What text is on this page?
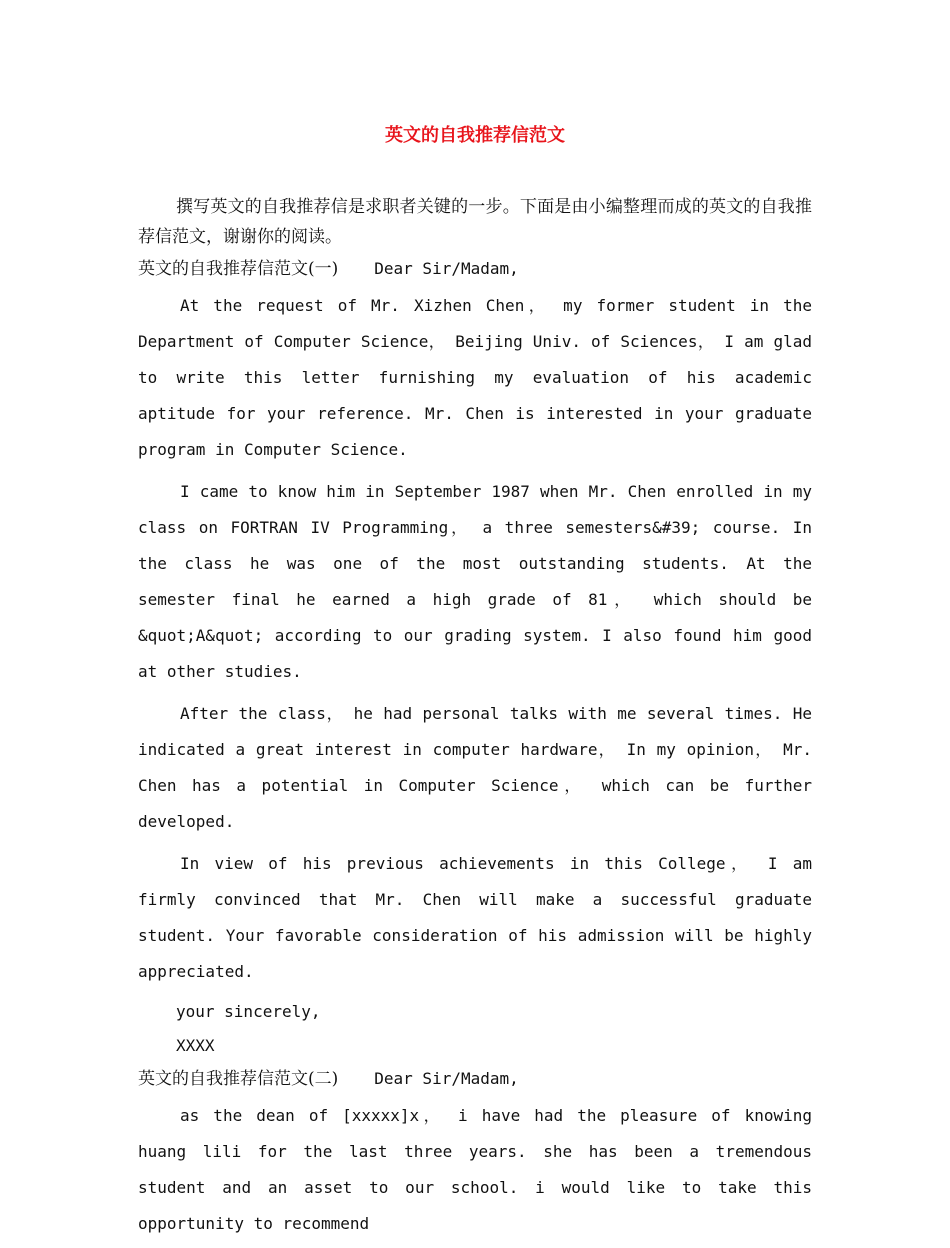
英文的自我推荐信范文

撰写英文的自我推荐信是求职者关键的一步。下面是由小编整理而成的英文的自我推荐信范文，谢谢你的阅读。

英文的自我推荐信范文(一) Dear Sir/Madam,

At the request of Mr. Xizhen Chen， my former student in the Department of Computer Science， Beijing Univ. of Sciences， I am glad to write this letter furnishing my evaluation of his academic aptitude for your reference. Mr. Chen is interested in your graduate program in Computer Science.

I came to know him in September 1987 when Mr. Chen enrolled in my class on FORTRAN IV Programming， a three semesters&#39; course. In the class he was one of the most outstanding students. At the semester final he earned a high grade of 81， which should be &quot;A&quot; according to our grading system. I also found him good at other studies.

After the class， he had personal talks with me several times. He indicated a great interest in computer hardware， In my opinion， Mr. Chen has a potential in Computer Science， which can be further developed.

In view of his previous achievements in this College， I am firmly convinced that Mr. Chen will make a successful graduate student. Your favorable consideration of his admission will be highly appreciated.

your sincerely,

XXXX

英文的自我推荐信范文(二) Dear Sir/Madam,

as the dean of [xxxxx]x， i have had the pleasure of knowing huang lili for the last three years. she has been a tremendous student and an asset to our school. i would like to take this opportunity to recommend
